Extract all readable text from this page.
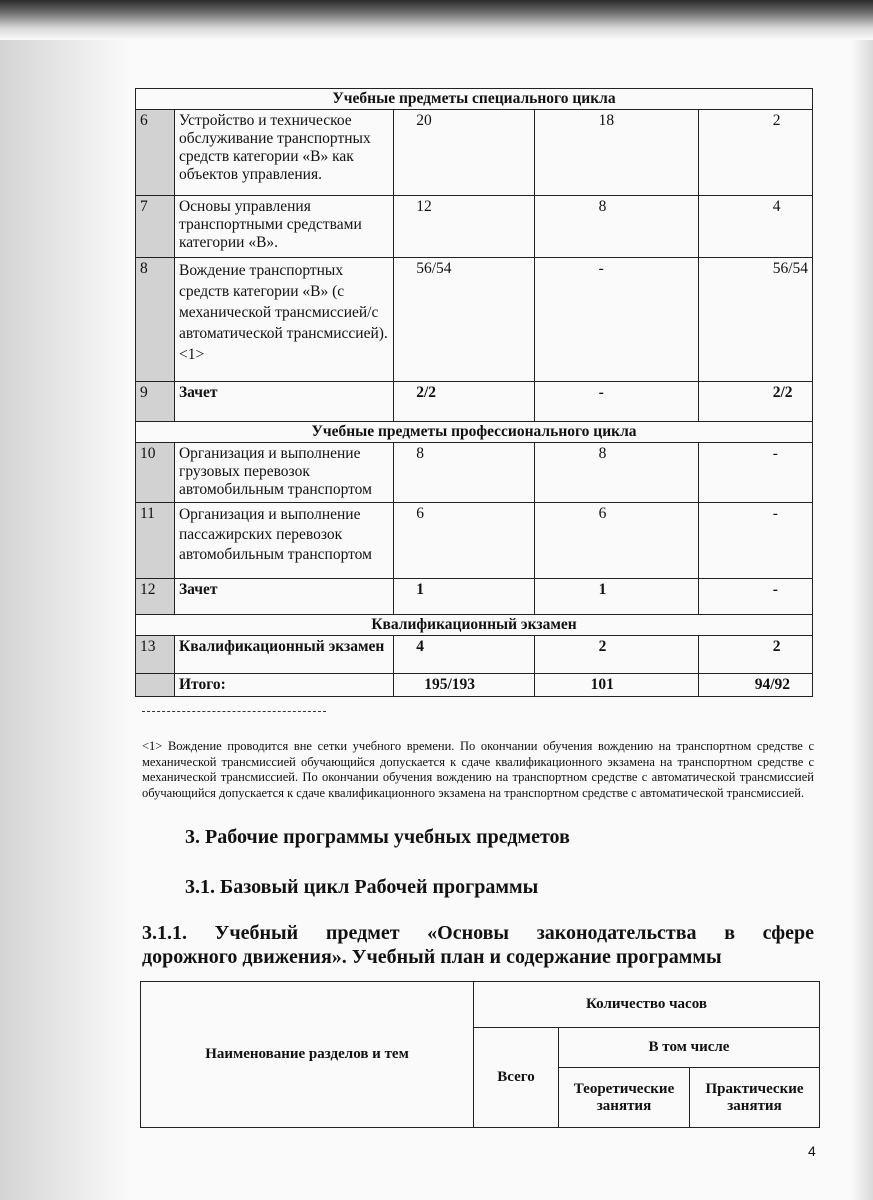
Учебные предметы специального цикла				
6	Устройство и техническое обслуживание транспортных средств категории «B» как объектов управления.	20	18	2
7	Основы управления транспортными средствами категории «B».	12	8	4
8	Вождение транспортных средств категории «B» (с механической трансмиссией/с автоматической трансмиссией). <1>	56/54	-	56/54
9	Зачет	2/2	-	2/2
Учебные предметы профессионального цикла				
10	Организация и выполнение грузовых перевозок автомобильным транспортом	8	8	-
11	Организация и выполнение пассажирских перевозок автомобильным транспортом	6	6	-
12	Зачет	1	1	-
Квалификационный экзамен				
13	Квалификационный экзамен	4	2	2
	Итого:	195/193	101	94/92

<1> Вождение проводится вне сетки учебного времени. По окончании обучения вождению на транспортном средстве с механической трансмиссией обучающийся допускается к сдаче квалификационного экзамена на транспортном средстве с механической трансмиссией. По окончании обучения вождению на транспортном средстве с автоматической трансмиссией обучающийся допускается к сдаче квалификационного экзамена на транспортном средстве с автоматической трансмиссией.

3. Рабочие программы учебных предметов
3.1. Базовый цикл Рабочей программы

3.1.1. Учебный предмет «Основы законодательства в сфере

дорожного движения». Учебный план и содержание программы

Наименование разделов и тем	Количество часов		
	Всего	В том числе	
		Теоретические занятия	Практические занятия
4
